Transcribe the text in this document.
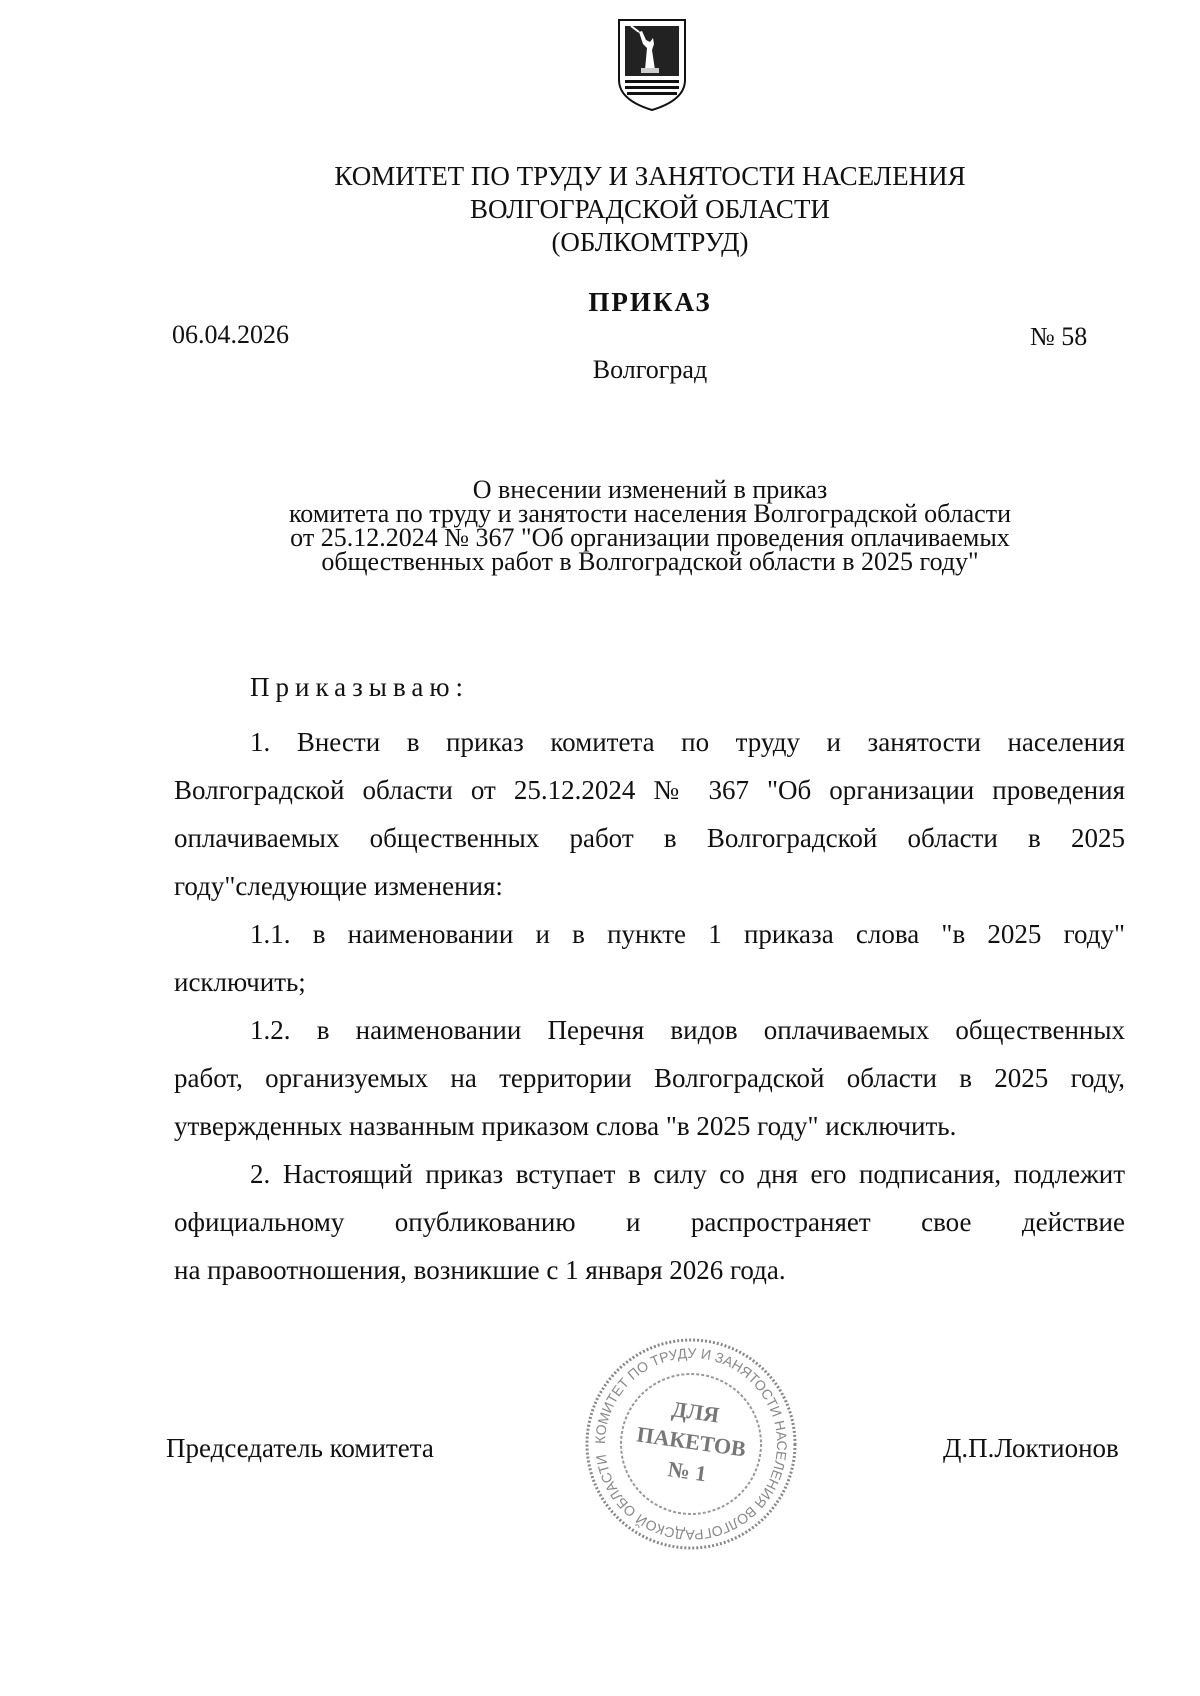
КОМИТЕТ ПО ТРУДУ И ЗАНЯТОСТИ НАСЕЛЕНИЯ
ВОЛГОГРАДСКОЙ ОБЛАСТИ
(ОБЛКОМТРУД)
ПРИКАЗ
06.04.2026	№ 58
Волгоград
О внесении изменений в приказ
комитета по труду и занятости населения Волгоградской области
от 25.12.2024 № 367 "Об организации проведения оплачиваемых
общественных работ в Волгоградской области в 2025 году"
Приказываю:
1. Внести в приказ комитета по труду и занятости населения
Волгоградской области от 25.12.2024 № 367 "Об организации проведения
оплачиваемых общественных работ в Волгоградской области в 2025
году"следующие изменения:
1.1. в наименовании и в пункте 1 приказа слова "в 2025 году"
исключить;
1.2. в наименовании Перечня видов оплачиваемых общественных
работ, организуемых на территории Волгоградской области в 2025 году,
утвержденных названным приказом слова "в 2025 году" исключить.
2. Настоящий приказ вступает в силу со дня его подписания, подлежит
официальному опубликованию и распространяет свое действие
на правоотношения, возникшие с 1 января 2026 года.
Председатель комитета	Д.П.Локтионов
КОМИТЕТ ПО ТРУДУ И ЗАНЯТОСТИ НАСЕЛЕНИЯ ВОЛГОГРАДСКОЙ ОБЛАСТИ
ДЛЯ
ПАКЕТОВ
№ 1
